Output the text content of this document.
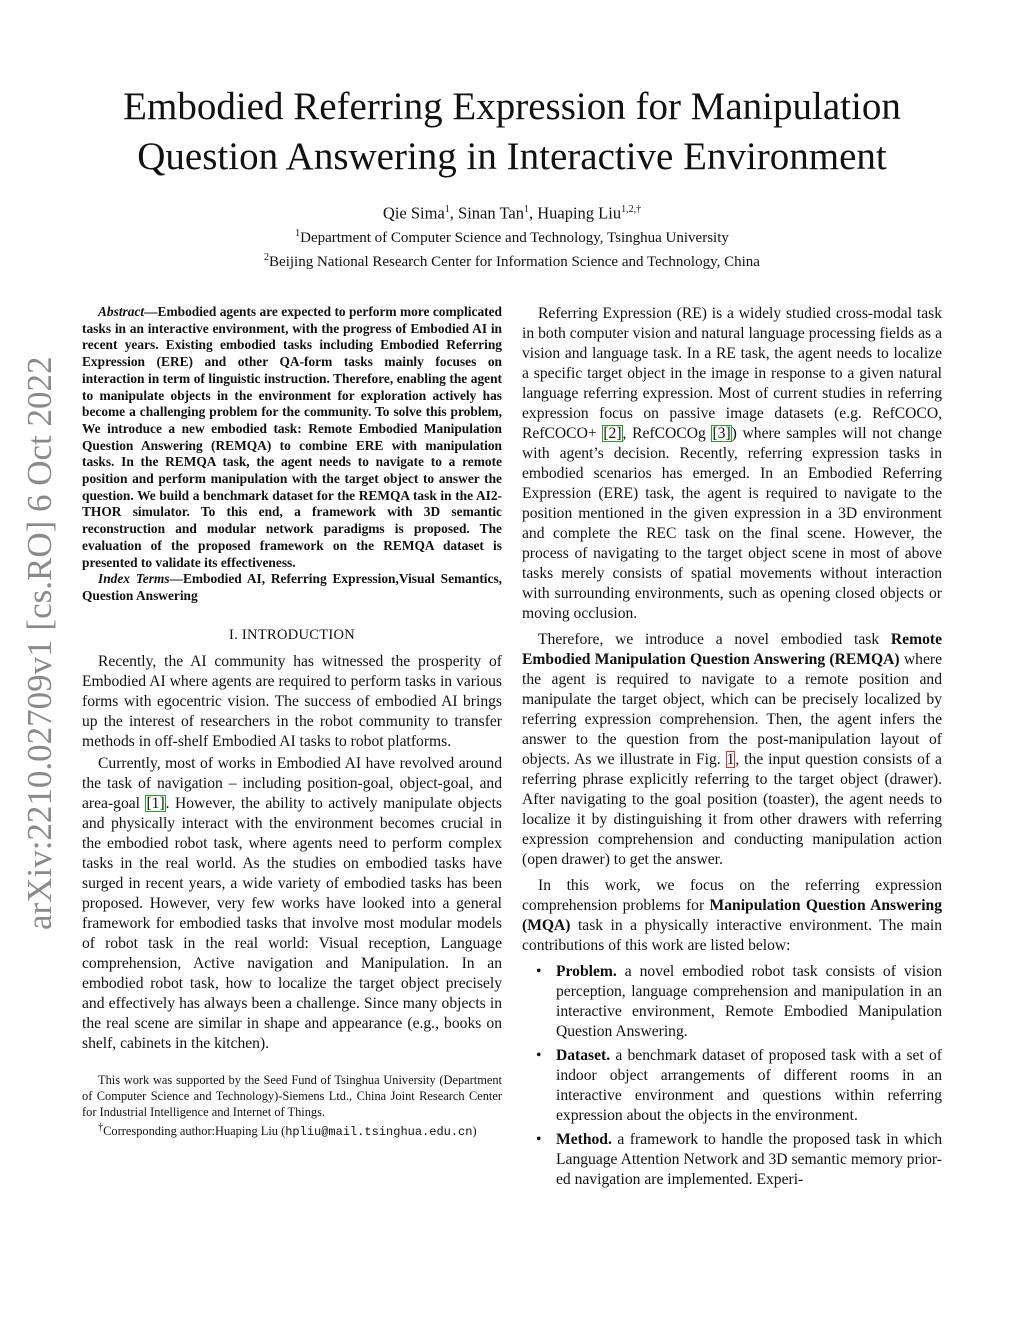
Embodied Referring Expression for Manipulation
Question Answering in Interactive Environment
Qie Sima$^1$, Sinan Tan$^1$, Huaping Liu$^{1,2,\dagger}$
$^1$Department of Computer Science and Technology, Tsinghua University
$^2$Beijing National Research Center for Information Science and Technology, China
arXiv:2210.02709v1 [cs.RO] 6 Oct 2022

Abstract—Embodied agents are expected to perform more complicated tasks in an interactive environment, with the progress of Embodied AI in recent years. Existing embodied tasks including Embodied Referring Expression (ERE) and other QA-form tasks mainly focuses on interaction in term of linguistic instruction. Therefore, enabling the agent to manipulate objects in the environment for exploration actively has become a challenging problem for the community. To solve this problem, We introduce a new embodied task: Remote Embodied Manipulation Question Answering (REMQA) to combine ERE with manipulation tasks. In the REMQA task, the agent needs to navigate to a remote position and perform manipulation with the target object to answer the question. We build a benchmark dataset for the REMQA task in the AI2-THOR simulator. To this end, a framework with 3D semantic reconstruction and modular network paradigms is proposed. The evaluation of the proposed framework on the REMQA dataset is presented to validate its effectiveness.

Index Terms—Embodied AI, Referring Expression,Visual Semantics, Question Answering

I. INTRODUCTION

Recently, the AI community has witnessed the prosperity of Embodied AI where agents are required to perform tasks in various forms with egocentric vision. The success of embodied AI brings up the interest of researchers in the robot community to transfer methods in off-shelf Embodied AI tasks to robot platforms.

Currently, most of works in Embodied AI have revolved around the task of navigation – including position-goal, object-goal, and area-goal [1]. However, the ability to actively manipulate objects and physically interact with the environment becomes crucial in the embodied robot task, where agents need to perform complex tasks in the real world. As the studies on embodied tasks have surged in recent years, a wide variety of embodied tasks has been proposed. However, very few works have looked into a general framework for embodied tasks that involve most modular models of robot task in the real world: Visual reception, Language comprehension, Active navigation and Manipulation. In an embodied robot task, how to localize the target object precisely and effectively has always been a challenge. Since many objects in the real scene are similar in shape and appearance (e.g., books on shelf, cabinets in the kitchen).

This work was supported by the Seed Fund of Tsinghua University (Department of Computer Science and Technology)-Siemens Ltd., China Joint Research Center for Industrial Intelligence and Internet of Things.

†Corresponding author:Huaping Liu (hpliu@mail.tsinghua.edu.cn)

Referring Expression (RE) is a widely studied cross-modal task in both computer vision and natural language processing fields as a vision and language task. In a RE task, the agent needs to localize a specific target object in the image in response to a given natural language referring expression. Most of current studies in referring expression focus on passive image datasets (e.g. RefCOCO, RefCOCO+ [2], RefCOCOg [3]) where samples will not change with agent’s decision. Recently, referring expression tasks in embodied scenarios has emerged. In an Embodied Referring Expression (ERE) task, the agent is required to navigate to the position mentioned in the given expression in a 3D environment and complete the REC task on the final scene. However, the process of navigating to the target object scene in most of above tasks merely consists of spatial movements without interaction with surrounding environments, such as opening closed objects or moving occlusion.

Therefore, we introduce a novel embodied task Remote Embodied Manipulation Question Answering (REMQA) where the agent is required to navigate to a remote position and manipulate the target object, which can be precisely localized by referring expression comprehension. Then, the agent infers the answer to the question from the post-manipulation layout of objects. As we illustrate in Fig. 1, the input question consists of a referring phrase explicitly referring to the target object (drawer). After navigating to the goal position (toaster), the agent needs to localize it by distinguishing it from other drawers with referring expression comprehension and conducting manipulation action (open drawer) to get the answer.

In this work, we focus on the referring expression comprehension problems for Manipulation Question Answering (MQA) task in a physically interactive environment. The main contributions of this work are listed below:

• Problem. a novel embodied robot task consists of vision perception, language comprehension and manipulation in an interactive environment, Remote Embodied Manipulation Question Answering.
• Dataset. a benchmark dataset of proposed task with a set of indoor object arrangements of different rooms in an interactive environment and questions within referring expression about the objects in the environment.
• Method. a framework to handle the proposed task in which Language Attention Network and 3D semantic memory prior-ed navigation are implemented. Experi-
